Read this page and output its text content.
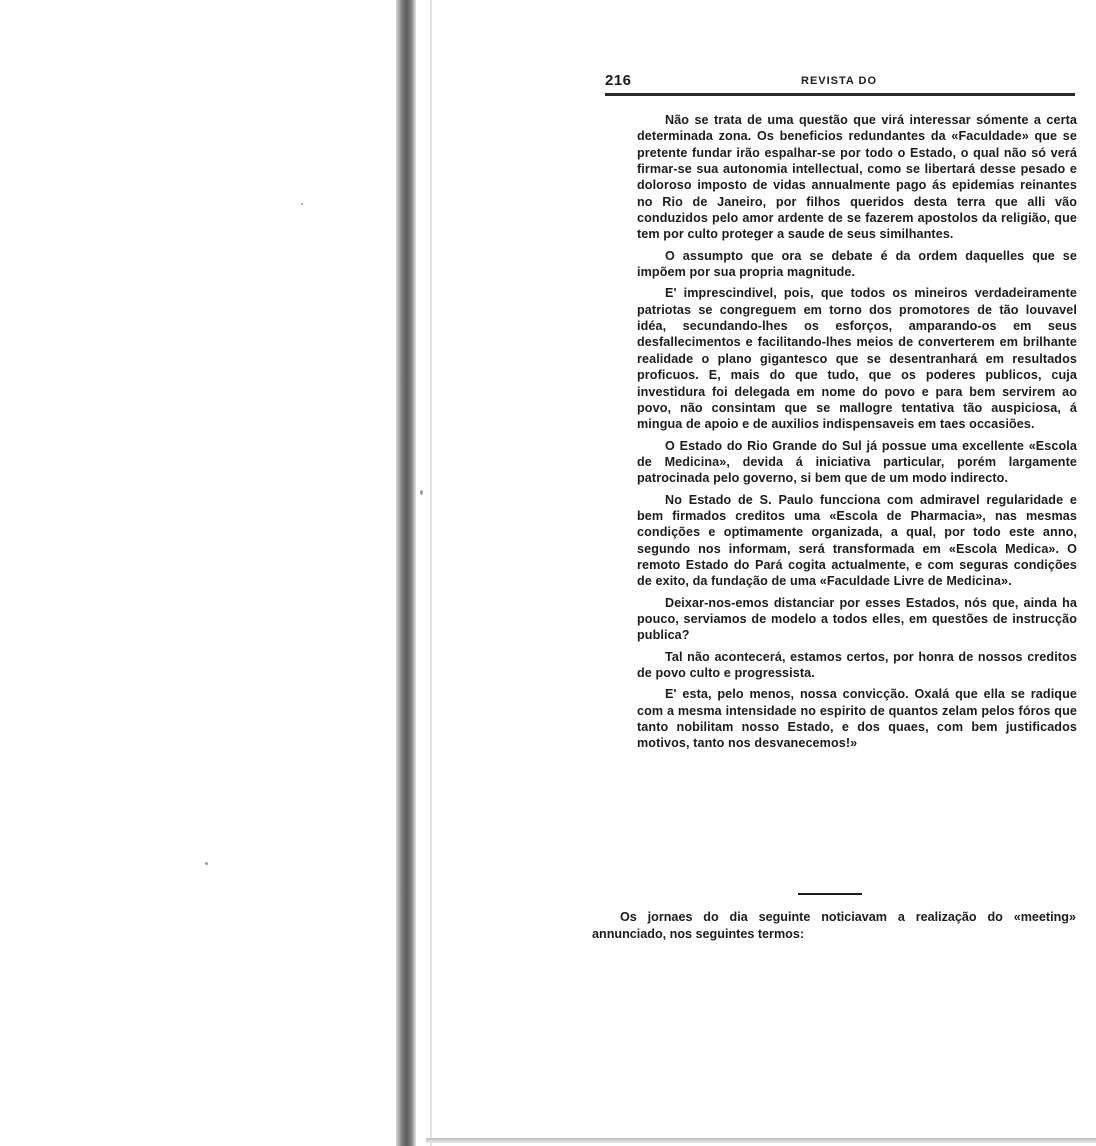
216	REVISTA DO

Não se trata de uma questão que virá interessar sómente a certa determinada zona. Os beneficios redundantes da «Faculdade» que se pretente fundar irão espalhar-se por todo o Estado, o qual não só verá firmar-se sua autonomia intellectual, como se libertará desse pesado e doloroso imposto de vidas annualmente pago ás epidemias reinantes no Rio de Janeiro, por filhos queridos desta terra que alli vão conduzidos pelo amor ardente de se fazerem apostolos da religião, que tem por culto proteger a saude de seus similhantes.

O assumpto que ora se debate é da ordem daquelles que se impõem por sua propria magnitude.

E' imprescindivel, pois, que todos os mineiros verdadeiramente patriotas se congreguem em torno dos promotores de tão louvavel idéa, secundando-lhes os esforços, amparando-os em seus desfallecimentos e facilitando-lhes meios de converterem em brilhante realidade o plano gigantesco que se desentranhará em resultados proficuos. E, mais do que tudo, que os poderes publicos, cuja investidura foi delegada em nome do povo e para bem servirem ao povo, não consintam que se mallogre tentativa tão auspiciosa, á mingua de apoio e de auxilios indispensaveis em taes occasiões.

O Estado do Rio Grande do Sul já possue uma excellente «Escola de Medicina», devida á iniciativa particular, porém largamente patrocinada pelo governo, si bem que de um modo indirecto.

No Estado de S. Paulo funcciona com admiravel regularidade e bem firmados creditos uma «Escola de Pharmacia», nas mesmas condições e optimamente organizada, a qual, por todo este anno, segundo nos informam, será transformada em «Escola Medica». O remoto Estado do Pará cogita actualmente, e com seguras condições de exito, da fundação de uma «Faculdade Livre de Medicina».

Deixar-nos-emos distanciar por esses Estados, nós que, ainda ha pouco, serviamos de modelo a todos elles, em questões de instrucção publica?

Tal não acontecerá, estamos certos, por honra de nossos creditos de povo culto e progressista.

E' esta, pelo menos, nossa convicção. Oxalá que ella se radique com a mesma intensidade no espirito de quantos zelam pelos fóros que tanto nobilitam nosso Estado, e dos quaes, com bem justificados motivos, tanto nos desvanecemos!»

Os jornaes do dia seguinte noticiavam a realização do «meeting» annunciado, nos seguintes termos:
